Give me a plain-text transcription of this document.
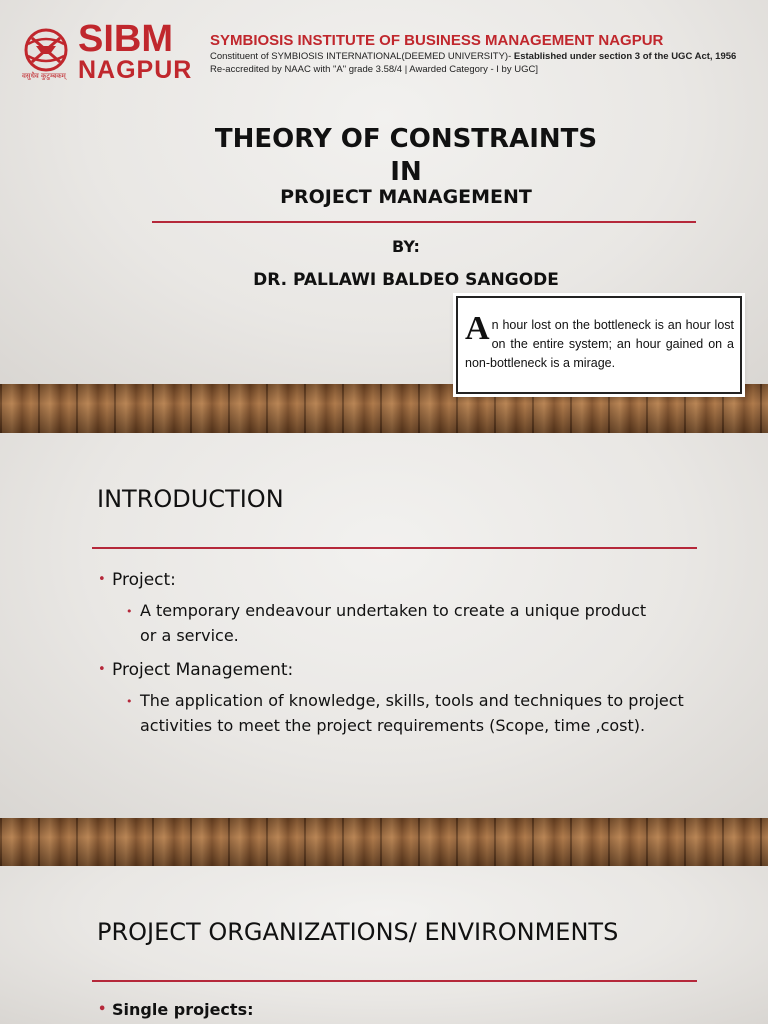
SIBM
NAGPUR
वसुधैव कुटुम्बकम्
SYMBIOSIS INSTITUTE OF BUSINESS MANAGEMENT NAGPUR
Constituent of SYMBIOSIS INTERNATIONAL(DEEMED UNIVERSITY)- Established under section 3 of the UGC Act, 1956
Re-accredited by NAAC with "A" grade 3.58/4 | Awarded Category - I by UGC]
THEORY OF CONSTRAINTS
IN
PROJECT MANAGEMENT
BY:
DR. PALLAWI BALDEO SANGODE
An hour lost on the bottleneck is an hour lost on the entire system; an hour gained on a non-bottleneck is a mirage.
INTRODUCTION
• Project:
• A temporary endeavour undertaken to create a unique product or a service.
• Project Management:
• The application of knowledge, skills, tools and techniques to project activities to meet the project requirements (Scope, time ,cost).
PROJECT ORGANIZATIONS/ ENVIRONMENTS
• Single projects:
